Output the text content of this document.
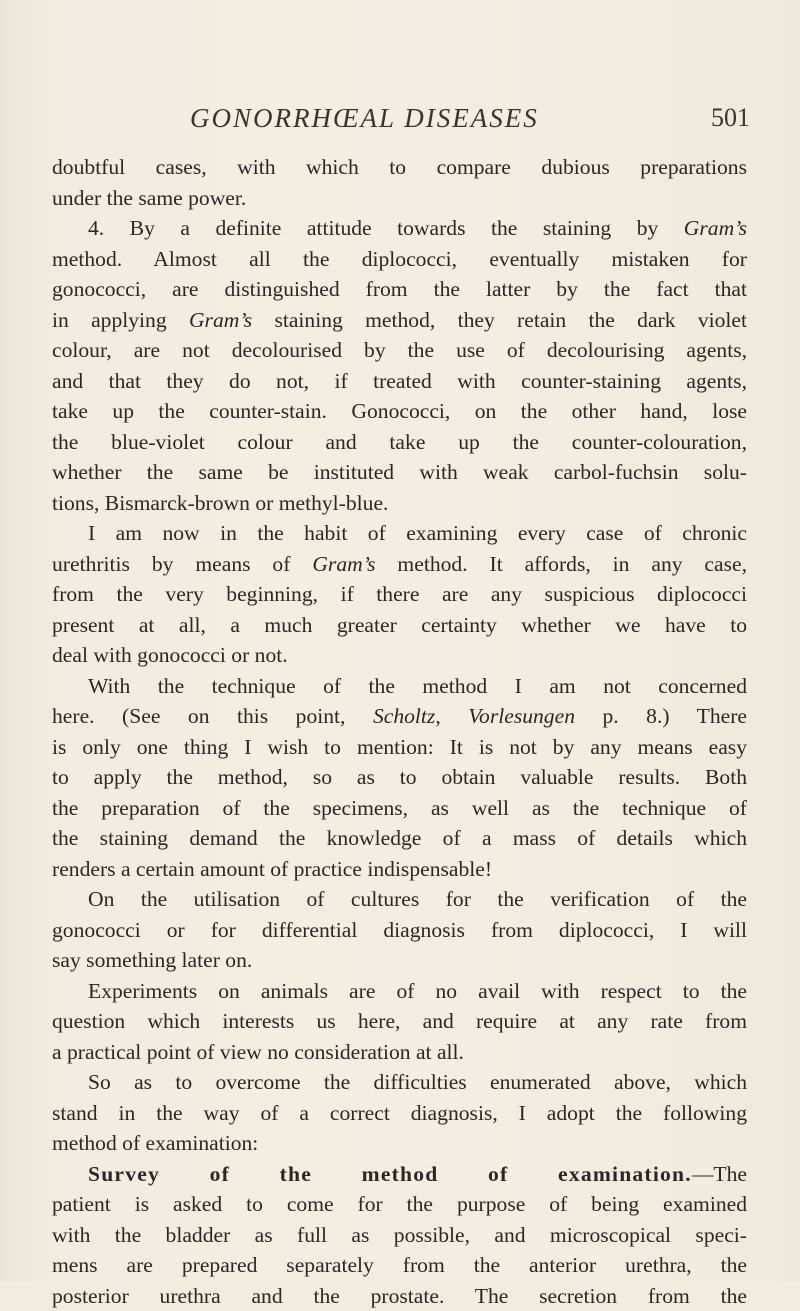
GONORRHŒAL DISEASES	501
doubtful cases, with which to compare dubious preparations
under the same power.
4. By a definite attitude towards the staining by Gram’s
method. Almost all the diplococci, eventually mistaken for
gonococci, are distinguished from the latter by the fact that
in applying Gram’s staining method, they retain the dark violet
colour, are not decolourised by the use of decolourising agents,
and that they do not, if treated with counter-staining agents,
take up the counter-stain. Gonococci, on the other hand, lose
the blue-violet colour and take up the counter-colouration,
whether the same be instituted with weak carbol-fuchsin solu-
tions, Bismarck-brown or methyl-blue.
I am now in the habit of examining every case of chronic
urethritis by means of Gram’s method. It affords, in any case,
from the very beginning, if there are any suspicious diplococci
present at all, a much greater certainty whether we have to
deal with gonococci or not.
With the technique of the method I am not concerned
here. (See on this point, Scholtz, Vorlesungen p. 8.) There
is only one thing I wish to mention: It is not by any means easy
to apply the method, so as to obtain valuable results. Both
the preparation of the specimens, as well as the technique of
the staining demand the knowledge of a mass of details which
renders a certain amount of practice indispensable!
On the utilisation of cultures for the verification of the
gonococci or for differential diagnosis from diplococci, I will
say something later on.
Experiments on animals are of no avail with respect to the
question which interests us here, and require at any rate from
a practical point of view no consideration at all.
So as to overcome the difficulties enumerated above, which
stand in the way of a correct diagnosis, I adopt the following
method of examination:
Survey of the method of examination.—The
patient is asked to come for the purpose of being examined
with the bladder as full as possible, and microscopical speci-
mens are prepared separately from the anterior urethra, the
posterior urethra and the prostate. The secretion from the
